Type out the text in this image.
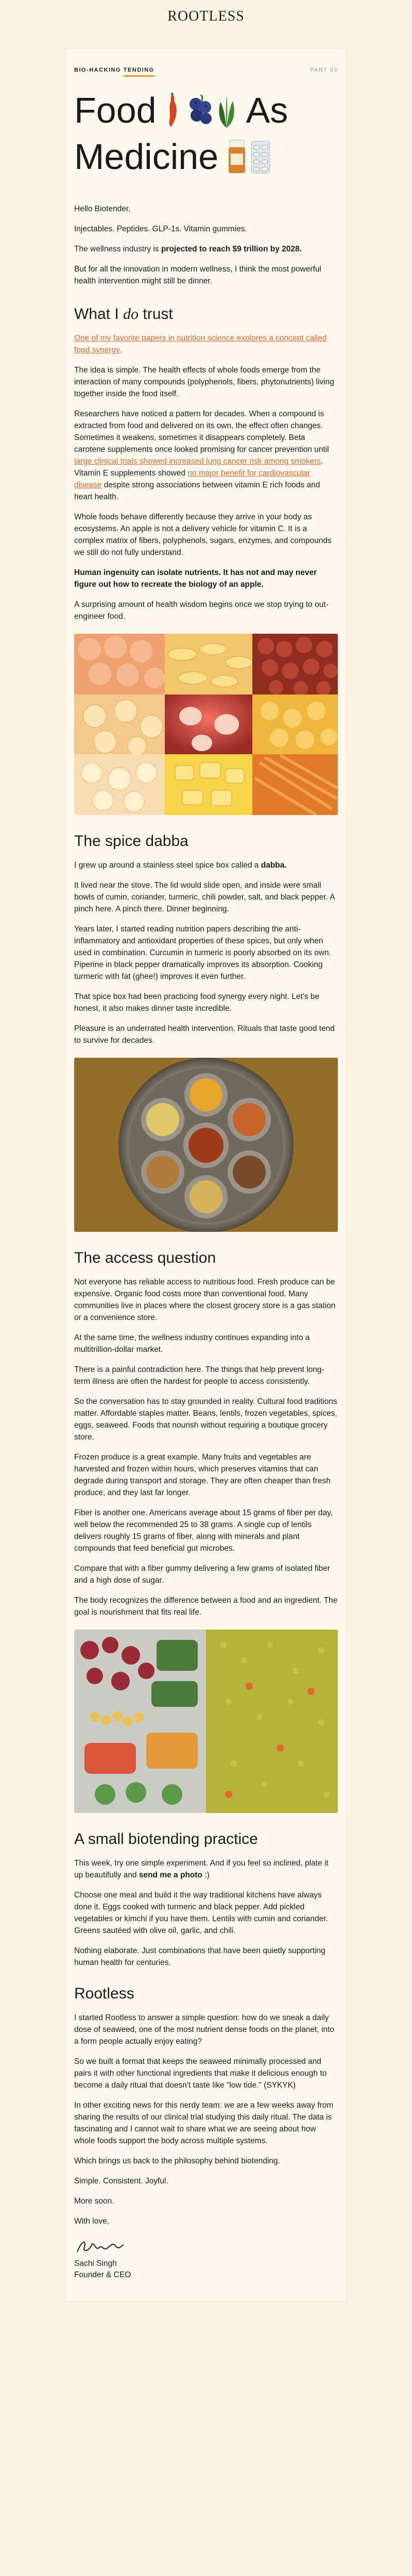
ROOTLESS
BIO-HACKING TENDING	PART 03
Food As
Medicine

Hello Biotender,

Injectables. Peptides. GLP-1s. Vitamin gummies.

The wellness industry is projected to reach $9 trillion by 2028.

But for all the innovation in modern wellness, I think the most powerful health intervention might still be dinner.

What I do trust

One of my favorite papers in nutrition science explores a concept called food synergy.

The idea is simple. The health effects of whole foods emerge from the interaction of many compounds (polyphenols, fibers, phytonutrients) living together inside the food itself.

Researchers have noticed a pattern for decades. When a compound is extracted from food and delivered on its own, the effect often changes. Sometimes it weakens, sometimes it disappears completely. Beta carotene supplements once looked promising for cancer prevention until large clinical trials showed increased lung cancer risk among smokers. Vitamin E supplements showed no major benefit for cardiovascular disease despite strong associations between vitamin E rich foods and heart health.

Whole foods behave differently because they arrive in your body as ecosystems. An apple is not a delivery vehicle for vitamin C. It is a complex matrix of fibers, polyphenols, sugars, enzymes, and compounds we still do not fully understand.

Human ingenuity can isolate nutrients. It has not and may never figure out how to recreate the biology of an apple.

A surprising amount of health wisdom begins once we stop trying to out-engineer food.

The spice dabba

I grew up around a stainless steel spice box called a dabba.

It lived near the stove. The lid would slide open, and inside were small bowls of cumin, coriander, turmeric, chili powder, salt, and black pepper. A pinch here. A pinch there. Dinner beginning.

Years later, I started reading nutrition papers describing the anti-inflammatory and antioxidant properties of these spices, but only when used in combination. Curcumin in turmeric is poorly absorbed on its own. Piperine in black pepper dramatically improves its absorption. Cooking turmeric with fat (ghee!) improves it even further.

That spice box had been practicing food synergy every night. Let's be honest, it also makes dinner taste incredible.

Pleasure is an underrated health intervention. Rituals that taste good tend to survive for decades.

The access question

Not everyone has reliable access to nutritious food. Fresh produce can be expensive. Organic food costs more than conventional food. Many communities live in places where the closest grocery store is a gas station or a convenience store.

At the same time, the wellness industry continues expanding into a multitrillion-dollar market.

There is a painful contradiction here. The things that help prevent long-term illness are often the hardest for people to access consistently.

So the conversation has to stay grounded in reality. Cultural food traditions matter. Affordable staples matter. Beans, lentils, frozen vegetables, spices, eggs, seaweed. Foods that nourish without requiring a boutique grocery store.

Frozen produce is a great example. Many fruits and vegetables are harvested and frozen within hours, which preserves vitamins that can degrade during transport and storage. They are often cheaper than fresh produce, and they last far longer.

Fiber is another one. Americans average about 15 grams of fiber per day, well below the recommended 25 to 38 grams. A single cup of lentils delivers roughly 15 grams of fiber, along with minerals and plant compounds that feed beneficial gut microbes.

Compare that with a fiber gummy delivering a few grams of isolated fiber and a high dose of sugar.

The body recognizes the difference between a food and an ingredient. The goal is nourishment that fits real life.

A small biotending practice

This week, try one simple experiment. And if you feel so inclined, plate it up beautifully and send me a photo :)

Choose one meal and build it the way traditional kitchens have always done it. Eggs cooked with turmeric and black pepper. Add pickled vegetables or kimchi if you have them. Lentils with cumin and coriander. Greens sautéed with olive oil, garlic, and chili.

Nothing elaborate. Just combinations that have been quietly supporting human health for centuries.

Rootless

I started Rootless to answer a simple question: how do we sneak a daily dose of seaweed, one of the most nutrient dense foods on the planet, into a form people actually enjoy eating?

So we built a format that keeps the seaweed minimally processed and pairs it with other functional ingredients that make it delicious enough to become a daily ritual that doesn't taste like "low tide." (SYKYK)

In other exciting news for this nerdy team: we are a few weeks away from sharing the results of our clinical trial studying this daily ritual. The data is fascinating and I cannot wait to share what we are seeing about how whole foods support the body across multiple systems.

Which brings us back to the philosophy behind biotending.

Simple. Consistent. Joyful.

More soon.

With love,

Sachi Singh
Founder & CEO
